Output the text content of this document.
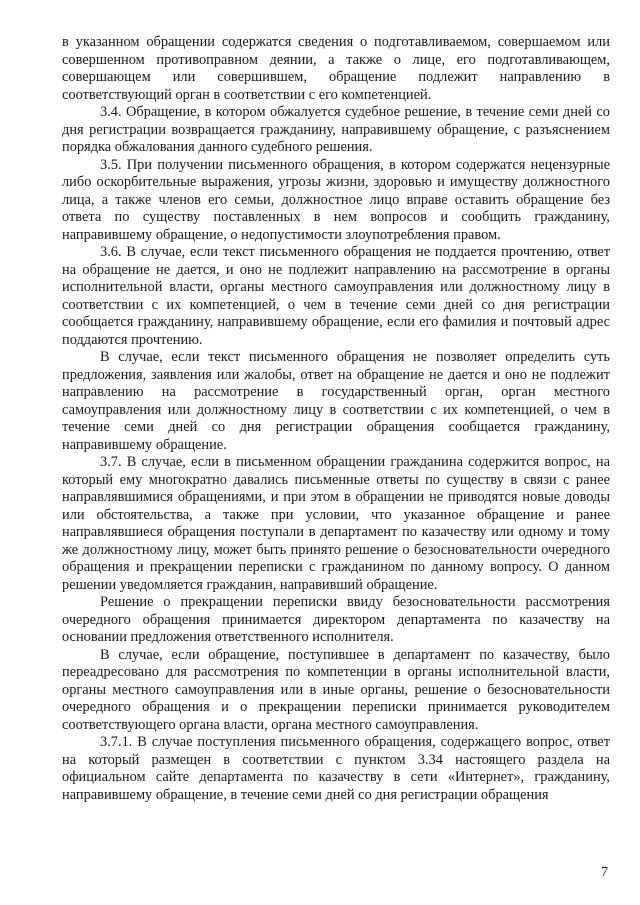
в указанном обращении содержатся сведения о подготавливаемом, совершаемом или совершенном противоправном деянии, а также о лице, его подготавливающем, совершающем или совершившем, обращение подлежит направлению в соответствующий орган в соответствии с его компетенцией.

3.4. Обращение, в котором обжалуется судебное решение, в течение семи дней со дня регистрации возвращается гражданину, направившему обращение, с разъяснением порядка обжалования данного судебного решения.

3.5. При получении письменного обращения, в котором содержатся нецензурные либо оскорбительные выражения, угрозы жизни, здоровью и имуществу должностного лица, а также членов его семьи, должностное лицо вправе оставить обращение без ответа по существу поставленных в нем вопросов и сообщить гражданину, направившему обращение, о недопустимости злоупотребления правом.

3.6. В случае, если текст письменного обращения не поддается прочтению, ответ на обращение не дается, и оно не подлежит направлению на рассмотрение в органы исполнительной власти, органы местного самоуправления или должностному лицу в соответствии с их компетенцией, о чем в течение семи дней со дня регистрации сообщается гражданину, направившему обращение, если его фамилия и почтовый адрес поддаются прочтению.

В случае, если текст письменного обращения не позволяет определить суть предложения, заявления или жалобы, ответ на обращение не дается и оно не подлежит направлению на рассмотрение в государственный орган, орган местного самоуправления или должностному лицу в соответствии с их компетенцией, о чем в течение семи дней со дня регистрации обращения сообщается гражданину, направившему обращение.

3.7. В случае, если в письменном обращении гражданина содержится вопрос, на который ему многократно давались письменные ответы по существу в связи с ранее направлявшимися обращениями, и при этом в обращении не приводятся новые доводы или обстоятельства, а также при условии, что указанное обращение и ранее направлявшиеся обращения поступали в департамент по казачеству или одному и тому же должностному лицу, может быть принято решение о безосновательности очередного обращения и прекращении переписки с гражданином по данному вопросу. О данном решении уведомляется гражданин, направивший обращение.

Решение о прекращении переписки ввиду безосновательности рассмотрения очередного обращения принимается директором департамента по казачеству на основании предложения ответственного исполнителя.

В случае, если обращение, поступившее в департамент по казачеству, было переадресовано для рассмотрения по компетенции в органы исполнительной власти, органы местного самоуправления или в иные органы, решение о безосновательности очередного обращения и о прекращении переписки принимается руководителем соответствующего органа власти, органа местного самоуправления.

3.7.1. В случае поступления письменного обращения, содержащего вопрос, ответ на который размещен в соответствии с пунктом 3.34 настоящего раздела на официальном сайте департамента по казачеству в сети «Интернет», гражданину, направившему обращение, в течение семи дней со дня регистрации обращения

7
